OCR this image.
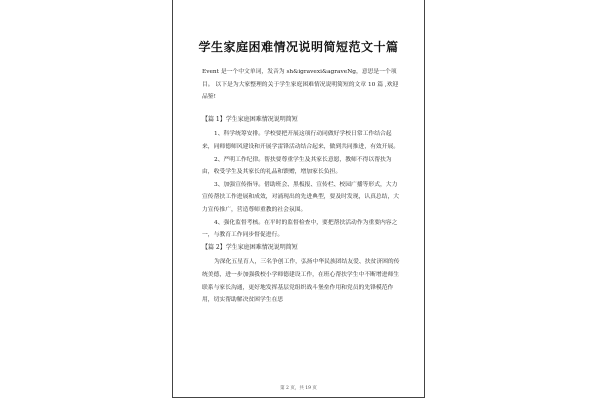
学生家庭困难情况说明简短范文十篇

Event 是一个中文单词，发音为 sh&igravexi&agraveNg，意思是一个项目。 以下是为大家整理的关于学生家庭困难情况说明简短的文章 10 篇 ,欢迎品鉴!

【篇 1】学生家庭困难情况说明简短

1、科学统筹安排。学校要把开展这项行动同做好学校日常工作结合起来，同师德师风建设和开展学雷锋活动结合起来，做到共同推进，有效开展。

2、严明工作纪律。帮扶要尊重学生及其家长意愿，教师不得以帮扶为由，收受学生及其家长的礼品和馈赠，增加家长负担。

3、加强宣传指导。借助班会、黑板报、宣传栏、校园广播等形式，大力宣传帮扶工作进展和成效，对涌现出的先进典型，要及时发现，认真总结，大力宣传推广，营造尊师重教的社会氛围。

4、强化监督考核。在平时的监督检查中，要把帮扶活动作为重要内容之一，与教育工作同步督促进行。

【篇 2】学生家庭困难情况说明简短

为深化五星育人，三名争创工作，弘扬中华民族团结友爱、扶贫济困的传统美德，进一步加强我校小学师德建设工作，在班心帮扶学生中不断增进师生联系与家长沟通，更好地发挥基层党组织战斗堡垒作用和党员的先锋模范作用，切实帮助解决贫困学生在思

第 2 页，共 19 页
